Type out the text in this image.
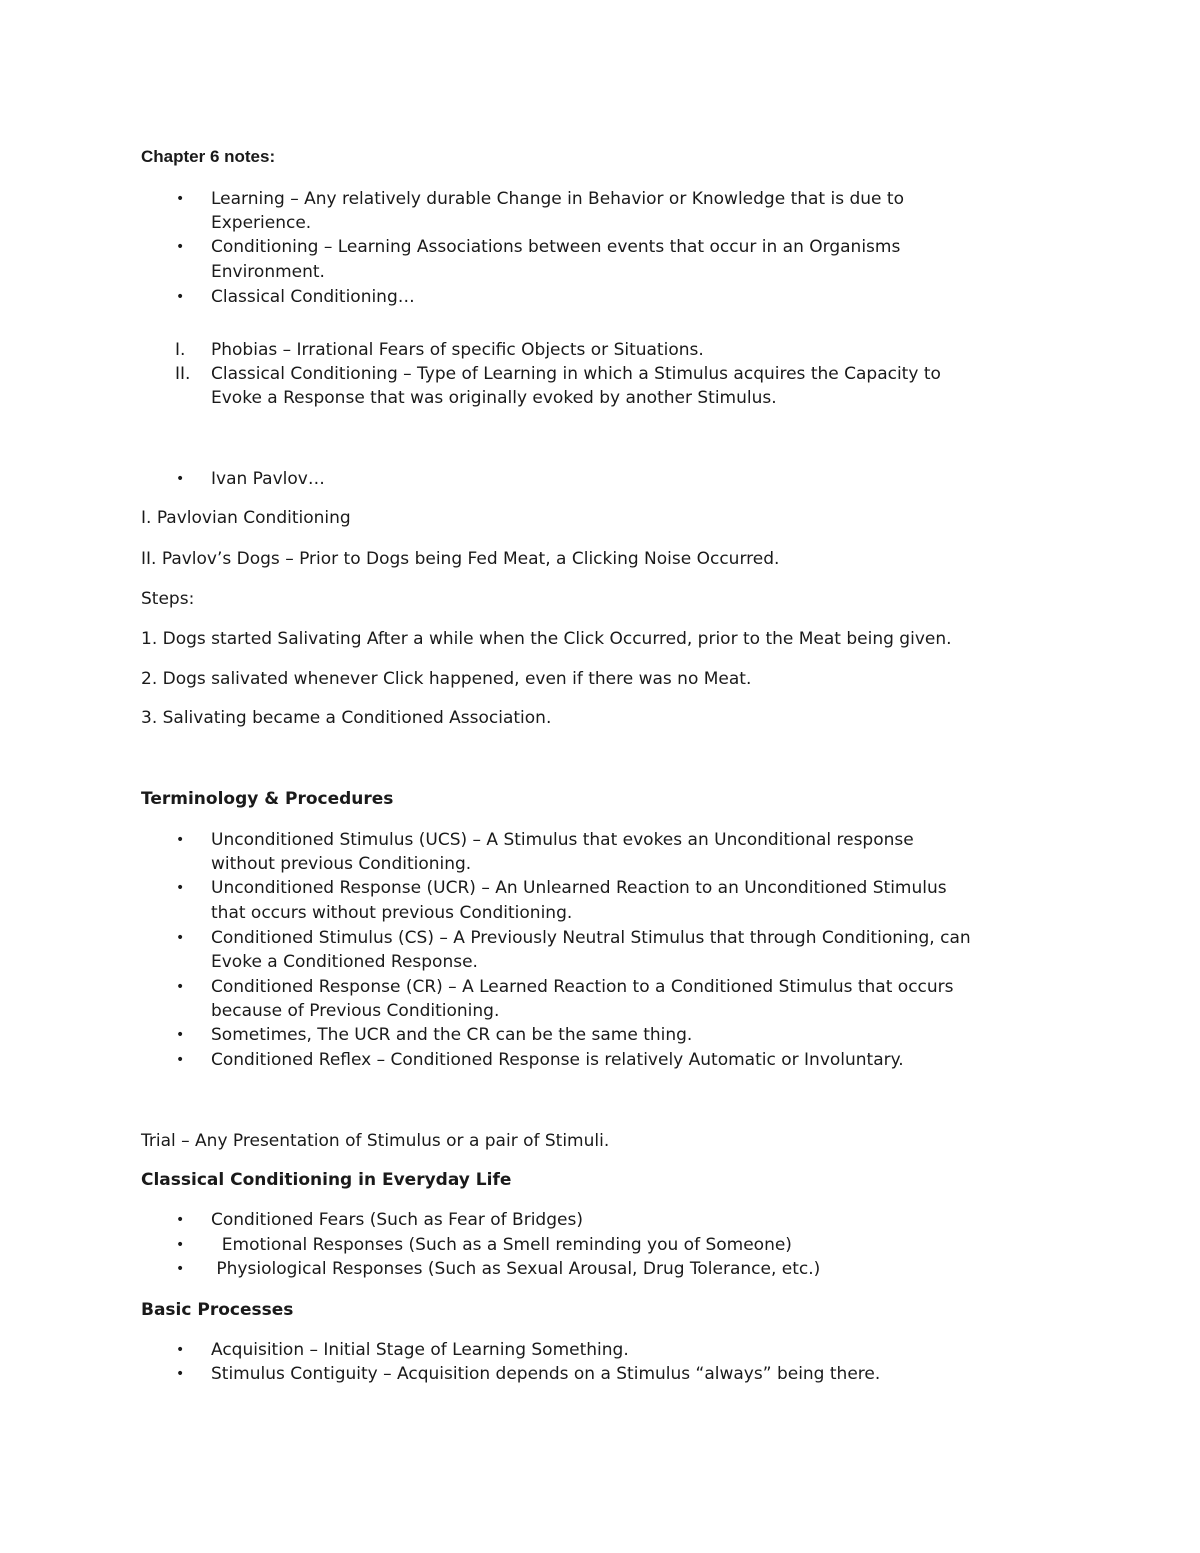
Chapter 6 notes:
• Learning – Any relatively durable Change in Behavior or Knowledge that is due to
Experience.
• Conditioning – Learning Associations between events that occur in an Organisms
Environment.
• Classical Conditioning…
I. Phobias – Irrational Fears of specific Objects or Situations.
II. Classical Conditioning – Type of Learning in which a Stimulus acquires the Capacity to
Evoke a Response that was originally evoked by another Stimulus.
• Ivan Pavlov…
I. Pavlovian Conditioning
II. Pavlov’s Dogs – Prior to Dogs being Fed Meat, a Clicking Noise Occurred.
Steps:
1. Dogs started Salivating After a while when the Click Occurred, prior to the Meat being given.
2. Dogs salivated whenever Click happened, even if there was no Meat.
3. Salivating became a Conditioned Association.
Terminology & Procedures
• Unconditioned Stimulus (UCS) – A Stimulus that evokes an Unconditional response
without previous Conditioning.
• Unconditioned Response (UCR) – An Unlearned Reaction to an Unconditioned Stimulus
that occurs without previous Conditioning.
• Conditioned Stimulus (CS) – A Previously Neutral Stimulus that through Conditioning, can
Evoke a Conditioned Response.
• Conditioned Response (CR) – A Learned Reaction to a Conditioned Stimulus that occurs
because of Previous Conditioning.
• Sometimes, The UCR and the CR can be the same thing.
• Conditioned Reflex – Conditioned Response is relatively Automatic or Involuntary.
Trial – Any Presentation of Stimulus or a pair of Stimuli.
Classical Conditioning in Everyday Life
• Conditioned Fears (Such as Fear of Bridges)
• Emotional Responses (Such as a Smell reminding you of Someone)
• Physiological Responses (Such as Sexual Arousal, Drug Tolerance, etc.)
Basic Processes
• Acquisition – Initial Stage of Learning Something.
• Stimulus Contiguity – Acquisition depends on a Stimulus “always” being there.
